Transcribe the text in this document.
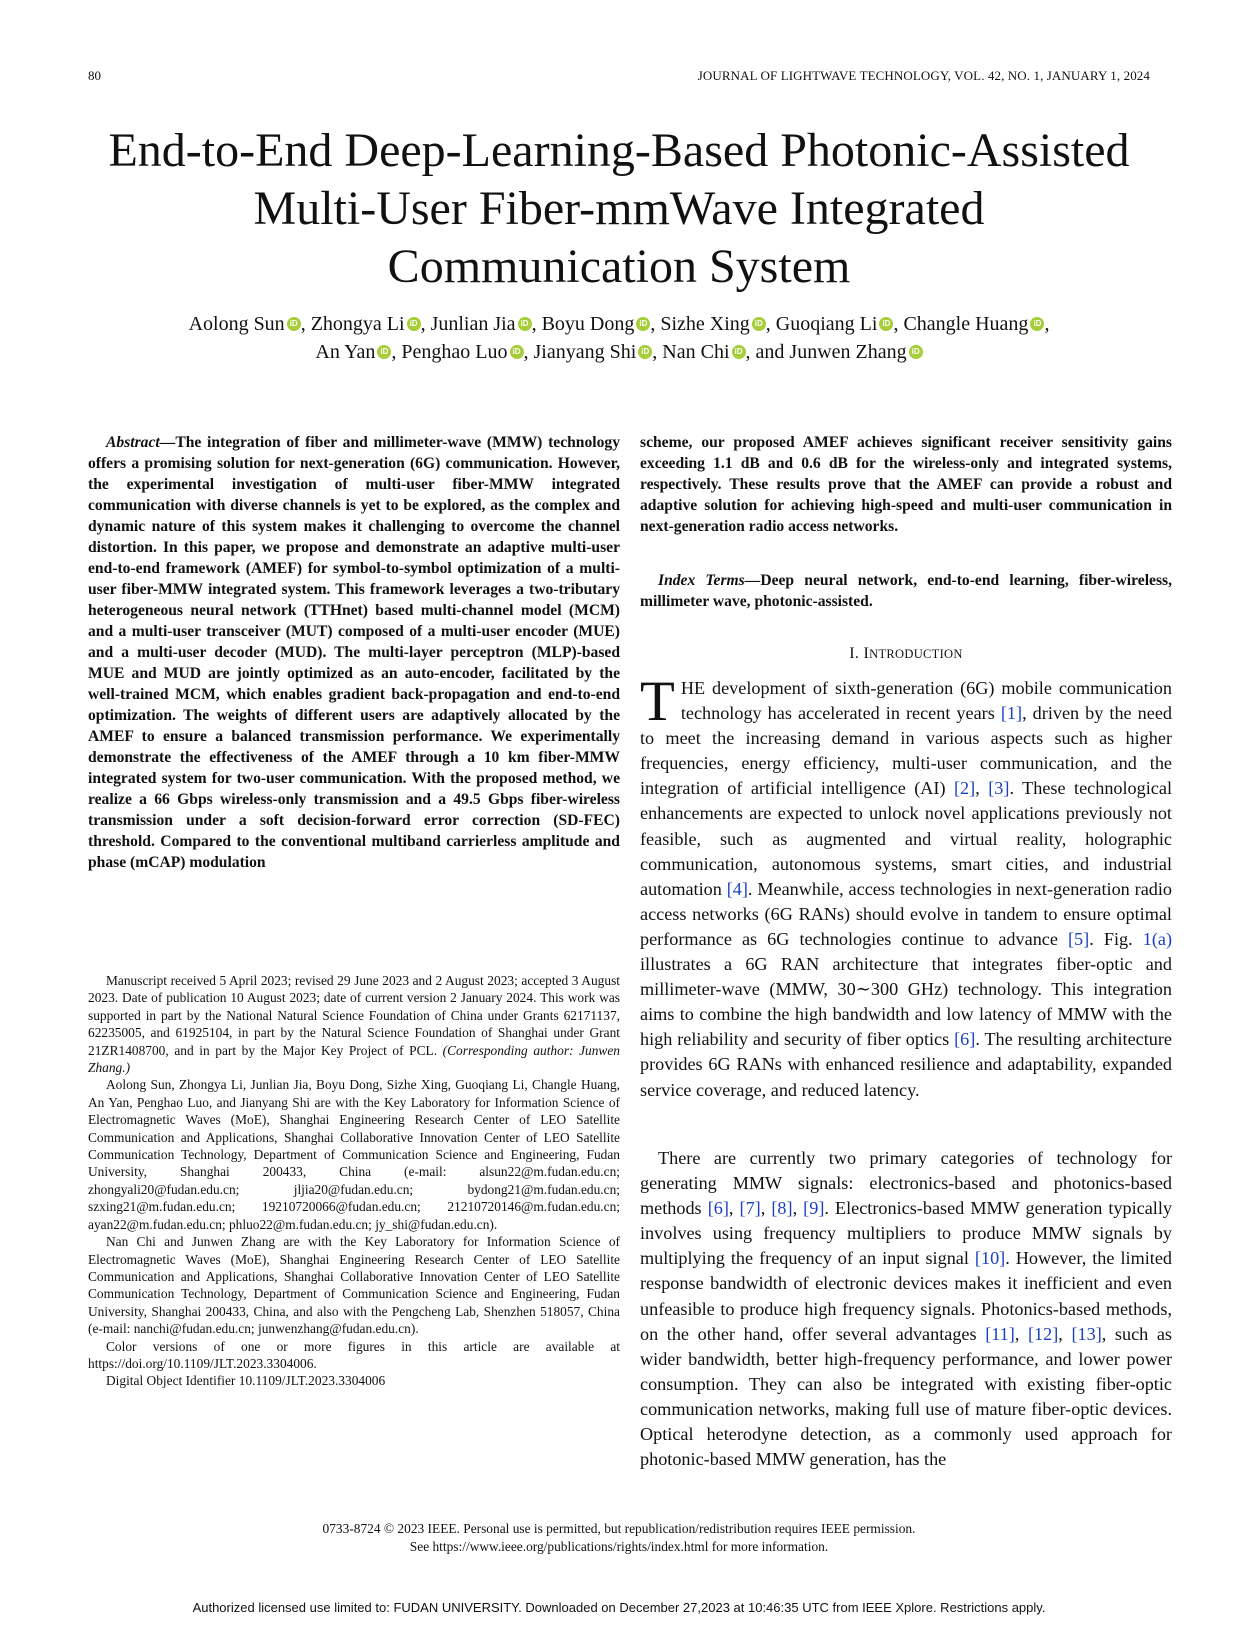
80	JOURNAL OF LIGHTWAVE TECHNOLOGY, VOL. 42, NO. 1, JANUARY 1, 2024
End-to-End Deep-Learning-Based Photonic-Assisted
Multi-User Fiber-mmWave Integrated
Communication System
Aolong Sun iD , Zhongya Li iD , Junlian Jia iD , Boyu Dong iD , Sizhe Xing iD , Guoqiang Li iD , Changle Huang iD ,
An Yan iD , Penghao Luo iD , Jianyang Shi iD , Nan Chi iD , and Junwen Zhang iD
Abstract—The integration of fiber and millimeter-wave (MMW) technology offers a promising solution for next-generation (6G) communication. However, the experimental investigation of multi-user fiber-MMW integrated communication with diverse channels is yet to be explored, as the complex and dynamic nature of this system makes it challenging to overcome the channel distortion. In this paper, we propose and demonstrate an adaptive multi-user end-to-end framework (AMEF) for symbol-to-symbol optimization of a multi-user fiber-MMW integrated system. This framework leverages a two-tributary heterogeneous neural network (TTHnet) based multi-channel model (MCM) and a multi-user transceiver (MUT) composed of a multi-user encoder (MUE) and a multi-user decoder (MUD). The multi-layer perceptron (MLP)-based MUE and MUD are jointly optimized as an auto-encoder, facilitated by the well-trained MCM, which enables gradient back-propagation and end-to-end optimization. The weights of different users are adaptively allocated by the AMEF to ensure a balanced transmission performance. We experimentally demonstrate the effectiveness of the AMEF through a 10 km fiber-MMW integrated system for two-user communication. With the proposed method, we realize a 66 Gbps wireless-only transmission and a 49.5 Gbps fiber-wireless transmission under a soft decision-forward error correction (SD-FEC) threshold. Compared to the conventional multiband carrierless amplitude and phase (mCAP) modulation

Manuscript received 5 April 2023; revised 29 June 2023 and 2 August 2023; accepted 3 August 2023. Date of publication 10 August 2023; date of current version 2 January 2024. This work was supported in part by the National Natural Science Foundation of China under Grants 62171137, 62235005, and 61925104, in part by the Natural Science Foundation of Shanghai under Grant 21ZR1408700, and in part by the Major Key Project of PCL. (Corresponding author: Junwen Zhang.)

Aolong Sun, Zhongya Li, Junlian Jia, Boyu Dong, Sizhe Xing, Guoqiang Li, Changle Huang, An Yan, Penghao Luo, and Jianyang Shi are with the Key Laboratory for Information Science of Electromagnetic Waves (MoE), Shanghai Engineering Research Center of LEO Satellite Communication and Applications, Shanghai Collaborative Innovation Center of LEO Satellite Communication Technology, Department of Communication Science and Engineering, Fudan University, Shanghai 200433, China (e-mail: alsun22@m.fudan.edu.cn; zhongyali20@fudan.edu.cn; jljia20@fudan.edu.cn; bydong21@m.fudan.edu.cn; szxing21@m.fudan.edu.cn; 19210720066@fudan.edu.cn; 21210720146@m.fudan.edu.cn; ayan22@m.fudan.edu.cn; phluo22@m.fudan.edu.cn; jy_shi@fudan.edu.cn).

Nan Chi and Junwen Zhang are with the Key Laboratory for Information Science of Electromagnetic Waves (MoE), Shanghai Engineering Research Center of LEO Satellite Communication and Applications, Shanghai Collaborative Innovation Center of LEO Satellite Communication Technology, Department of Communication Science and Engineering, Fudan University, Shanghai 200433, China, and also with the Pengcheng Lab, Shenzhen 518057, China (e-mail: nanchi@fudan.edu.cn; junwenzhang@fudan.edu.cn).

Color versions of one or more figures in this article are available at https://doi.org/10.1109/JLT.2023.3304006.

Digital Object Identifier 10.1109/JLT.2023.3304006

scheme, our proposed AMEF achieves significant receiver sensitivity gains exceeding 1.1 dB and 0.6 dB for the wireless-only and integrated systems, respectively. These results prove that the AMEF can provide a robust and adaptive solution for achieving high-speed and multi-user communication in next-generation radio access networks.
Index Terms—Deep neural network, end-to-end learning, fiber-wireless, millimeter wave, photonic-assisted.
I. INTRODUCTION
THE development of sixth-generation (6G) mobile communication technology has accelerated in recent years [1], driven by the need to meet the increasing demand in various aspects such as higher frequencies, energy efficiency, multi-user communication, and the integration of artificial intelligence (AI) [2], [3]. These technological enhancements are expected to unlock novel applications previously not feasible, such as augmented and virtual reality, holographic communication, autonomous systems, smart cities, and industrial automation [4]. Meanwhile, access technologies in next-generation radio access networks (6G RANs) should evolve in tandem to ensure optimal performance as 6G technologies continue to advance [5]. Fig. 1(a) illustrates a 6G RAN architecture that integrates fiber-optic and millimeter-wave (MMW, 30∼300 GHz) technology. This integration aims to combine the high bandwidth and low latency of MMW with the high reliability and security of fiber optics [6]. The resulting architecture provides 6G RANs with enhanced resilience and adaptability, expanded service coverage, and reduced latency.
There are currently two primary categories of technology for generating MMW signals: electronics-based and photonics-based methods [6], [7], [8], [9]. Electronics-based MMW generation typically involves using frequency multipliers to produce MMW signals by multiplying the frequency of an input signal [10]. However, the limited response bandwidth of electronic devices makes it inefficient and even unfeasible to produce high frequency signals. Photonics-based methods, on the other hand, offer several advantages [11], [12], [13], such as wider bandwidth, better high-frequency performance, and lower power consumption. They can also be integrated with existing fiber-optic communication networks, making full use of mature fiber-optic devices. Optical heterodyne detection, as a commonly used approach for photonic-based MMW generation, has the
0733-8724 © 2023 IEEE. Personal use is permitted, but republication/redistribution requires IEEE permission.
See https://www.ieee.org/publications/rights/index.html for more information.
Authorized licensed use limited to: FUDAN UNIVERSITY. Downloaded on December 27,2023 at 10:46:35 UTC from IEEE Xplore. Restrictions apply.
